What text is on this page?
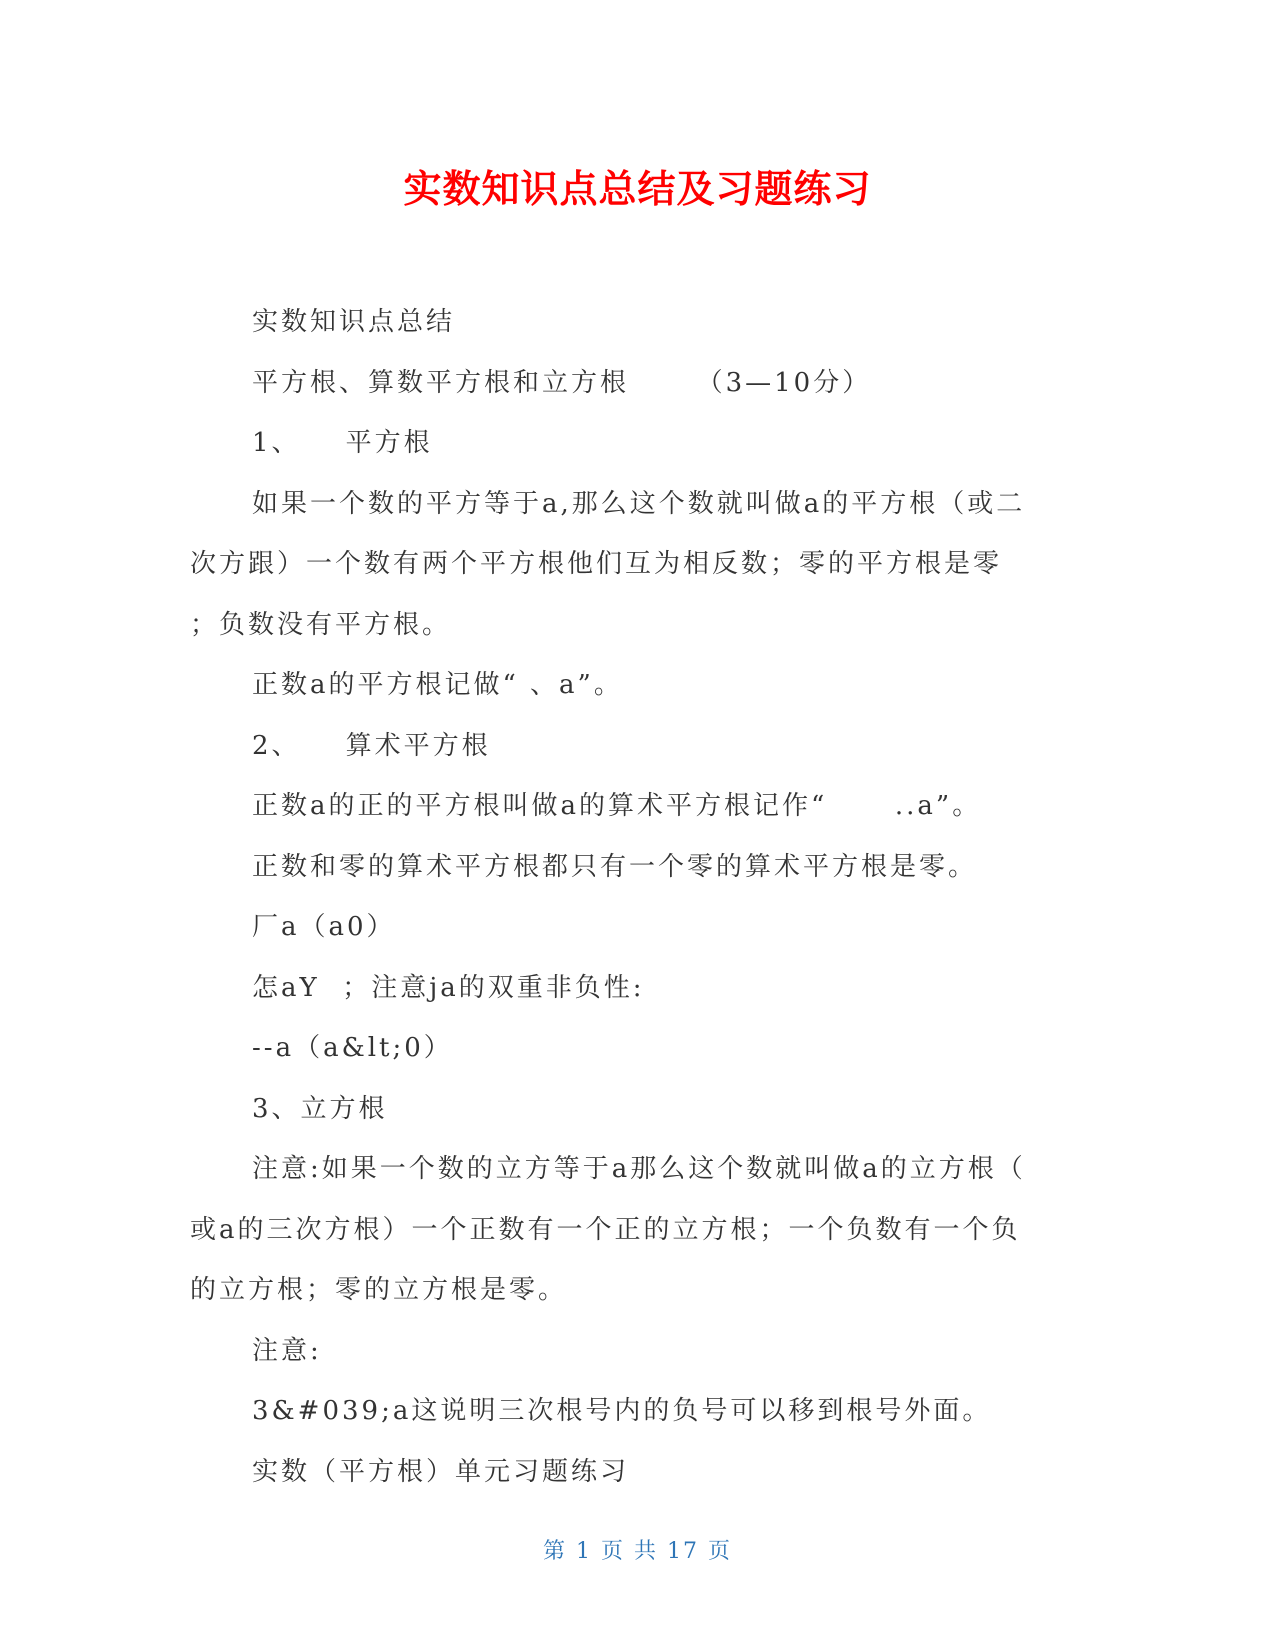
实数知识点总结及习题练习
实数知识点总结
平方根、算数平方根和立方根      （3—10分）
1、    平方根
如果一个数的平方等于a,那么这个数就叫做a的平方根（或二
次方跟）一个数有两个平方根他们互为相反数；零的平方根是零
；负数没有平方根。
正数a的平方根记做“ 、a”。
2、    算术平方根
正数a的正的平方根叫做a的算术平方根记作“      ..a”。
正数和零的算术平方根都只有一个零的算术平方根是零。
厂a（a0）
怎aY  ；注意ja的双重非负性:
--a（a&lt;0）
3、立方根
注意:如果一个数的立方等于a那么这个数就叫做a的立方根（
或a的三次方根）一个正数有一个正的立方根；一个负数有一个负
的立方根；零的立方根是零。
注意:
3&#039;a这说明三次根号内的负号可以移到根号外面。
实数（平方根）单元习题练习
第 1 页 共 17 页
